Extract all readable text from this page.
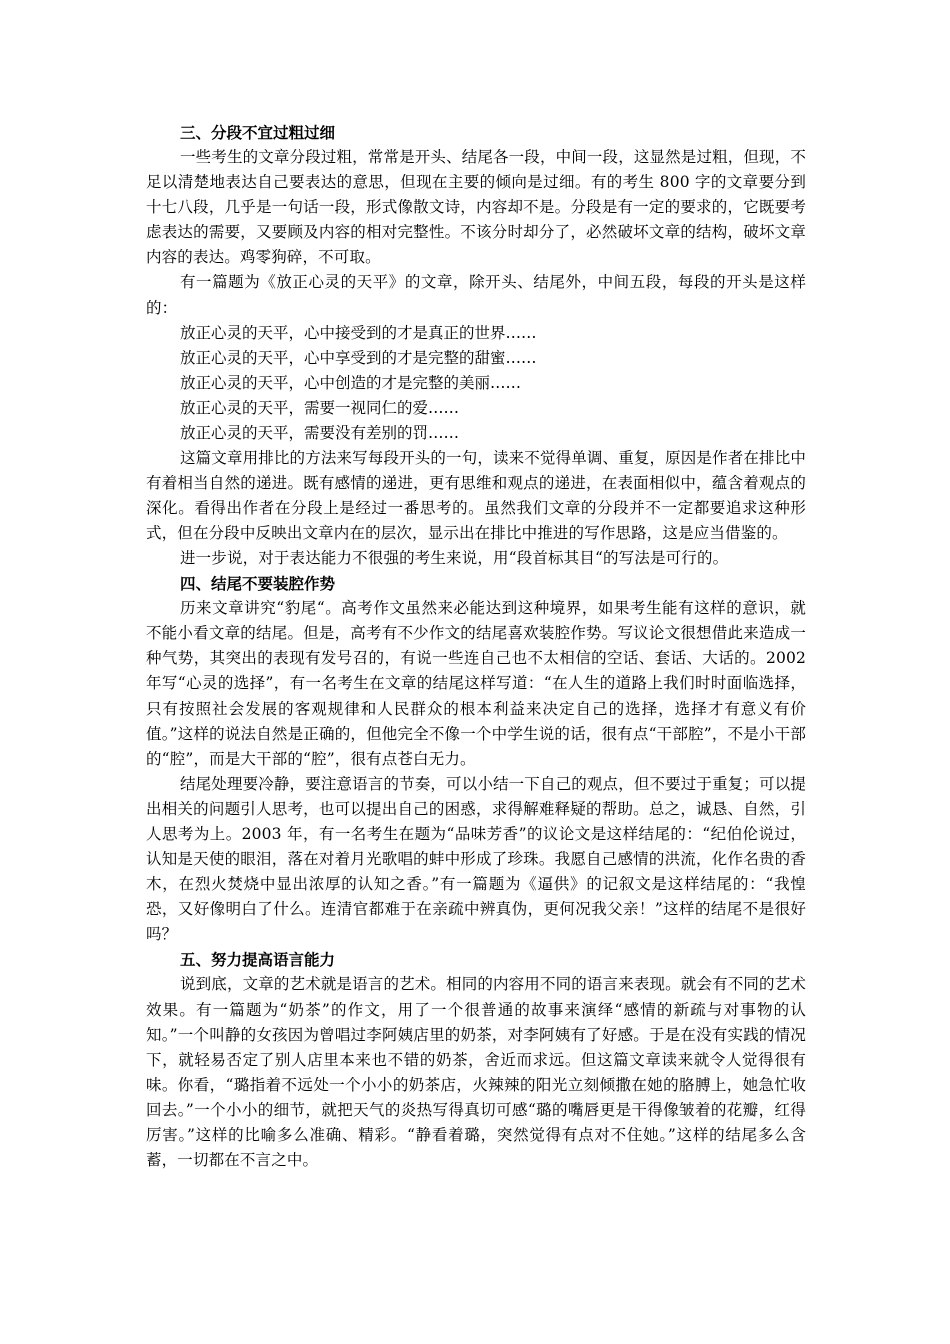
三、分段不宜过粗过细

一些考生的文章分段过粗，常常是开头、结尾各一段，中间一段，这显然是过粗，但现，不足以清楚地表达自己要表达的意思，但现在主要的倾向是过细。有的考生 800 字的文章要分到十七八段，几乎是一句话一段，形式像散文诗，内容却不是。分段是有一定的要求的，它既要考虑表达的需要，又要顾及内容的相对完整性。不该分时却分了，必然破坏文章的结构，破坏文章内容的表达。鸡零狗碎，不可取。

有一篇题为《放正心灵的天平》的文章，除开头、结尾外，中间五段，每段的开头是这样的：

放正心灵的天平，心中接受到的才是真正的世界……

放正心灵的天平，心中享受到的才是完整的甜蜜……

放正心灵的天平，心中创造的才是完整的美丽……

放正心灵的天平，需要一视同仁的爱……

放正心灵的天平，需要没有差别的罚……

这篇文章用排比的方法来写每段开头的一句，读来不觉得单调、重复，原因是作者在排比中有着相当自然的递进。既有感情的递进，更有思维和观点的递进，在表面相似中，蕴含着观点的深化。看得出作者在分段上是经过一番思考的。虽然我们文章的分段并不一定都要追求这种形式，但在分段中反映出文章内在的层次，显示出在排比中推进的写作思路，这是应当借鉴的。

进一步说，对于表达能力不很强的考生来说，用“段首标其目“的写法是可行的。

四、结尾不要装腔作势

历来文章讲究“豹尾“。高考作文虽然来必能达到这种境界，如果考生能有这样的意识，就不能小看文章的结尾。但是，高考有不少作文的结尾喜欢装腔作势。写议论文很想借此来造成一种气势，其突出的表现有发号召的，有说一些连自己也不太相信的空话、套话、大话的。2002 年写“心灵的选择”，有一名考生在文章的结尾这样写道：“在人生的道路上我们时时面临选择，只有按照社会发展的客观规律和人民群众的根本利益来决定自己的选择，选择才有意义有价值。”这样的说法自然是正确的，但他完全不像一个中学生说的话，很有点“干部腔”，不是小干部的“腔”，而是大干部的“腔”，很有点苍白无力。

结尾处理要冷静，要注意语言的节奏，可以小结一下自己的观点，但不要过于重复；可以提出相关的问题引人思考，也可以提出自己的困惑，求得解难释疑的帮助。总之，诚恳、自然，引人思考为上。2003 年，有一名考生在题为“品味芳香”的议论文是这样结尾的：“纪伯伦说过，认知是天使的眼泪，落在对着月光歌唱的蚌中形成了珍珠。我愿自己感情的洪流，化作名贵的香木，在烈火焚烧中显出浓厚的认知之香。”有一篇题为《逼供》的记叙文是这样结尾的：“我惶恐，又好像明白了什么。连清官都难于在亲疏中辨真伪，更何况我父亲！”这样的结尾不是很好吗？

五、努力提高语言能力

说到底，文章的艺术就是语言的艺术。相同的内容用不同的语言来表现。就会有不同的艺术效果。有一篇题为“奶茶”的作文，用了一个很普通的故事来演绎“感情的新疏与对事物的认知。”一个叫静的女孩因为曾唱过李阿姨店里的奶茶，对李阿姨有了好感。于是在没有实践的情况下，就轻易否定了别人店里本来也不错的奶茶，舍近而求远。但这篇文章读来就令人觉得很有味。你看，“璐指着不远处一个小小的奶茶店，火辣辣的阳光立刻倾撒在她的胳膊上，她急忙收回去。”一个小小的细节，就把天气的炎热写得真切可感“璐的嘴唇更是干得像皱着的花瓣，红得厉害。”这样的比喻多么准确、精彩。“静看着璐，突然觉得有点对不住她。”这样的结尾多么含蓄，一切都在不言之中。
